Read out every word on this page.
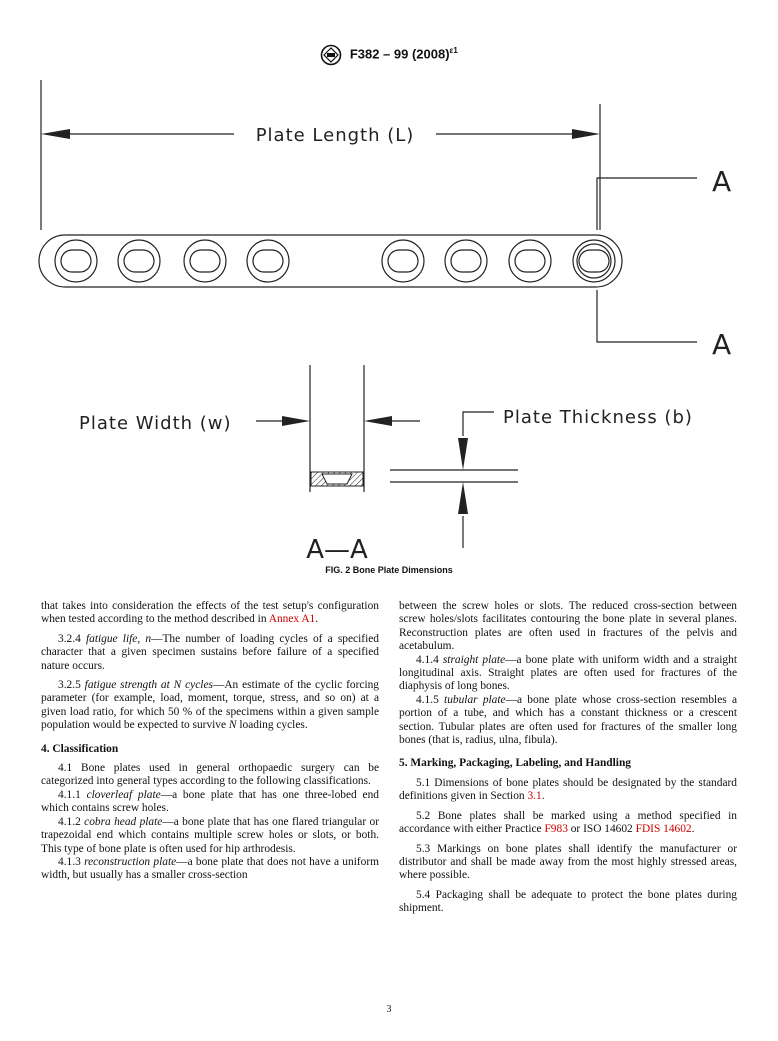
F382 – 99 $(2008)^{\varepsilon 1}$
Plate Length (L)
A
A
Plate Width (w)	Plate Thickness (b)
A—A
FIG. 2 Bone Plate Dimensions

that takes into consideration the effects of the test setup's configuration when tested according to the method described in Annex A1.

3.2.4 fatigue life, n—The number of loading cycles of a specified character that a given specimen sustains before failure of a specified nature occurs.

3.2.5 fatigue strength at N cycles—An estimate of the cyclic forcing parameter (for example, load, moment, torque, stress, and so on) at a given load ratio, for which 50 % of the specimens within a given sample population would be expected to survive N loading cycles.

4. Classification

4.1 Bone plates used in general orthopaedic surgery can be categorized into general types according to the following classifications.

4.1.1 cloverleaf plate—a bone plate that has one three-lobed end which contains screw holes.

4.1.2 cobra head plate—a bone plate that has one flared triangular or trapezoidal end which contains multiple screw holes or slots, or both. This type of bone plate is often used for hip arthrodesis.

4.1.3 reconstruction plate—a bone plate that does not have a uniform width, but usually has a smaller cross-section

between the screw holes or slots. The reduced cross-section between screw holes/slots facilitates contouring the bone plate in several planes. Reconstruction plates are often used in fractures of the pelvis and acetabulum.

4.1.4 straight plate—a bone plate with uniform width and a straight longitudinal axis. Straight plates are often used for fractures of the diaphysis of long bones.

4.1.5 tubular plate—a bone plate whose cross-section resembles a portion of a tube, and which has a constant thickness or a crescent section. Tubular plates are often used for fractures of the smaller long bones (that is, radius, ulna, fibula).

5. Marking, Packaging, Labeling, and Handling

5.1 Dimensions of bone plates should be designated by the standard definitions given in Section 3.1.

5.2 Bone plates shall be marked using a method specified in accordance with either Practice F983 or ISO 14602 FDIS 14602.

5.3 Markings on bone plates shall identify the manufacturer or distributor and shall be made away from the most highly stressed areas, where possible.

5.4 Packaging shall be adequate to protect the bone plates during shipment.

3
